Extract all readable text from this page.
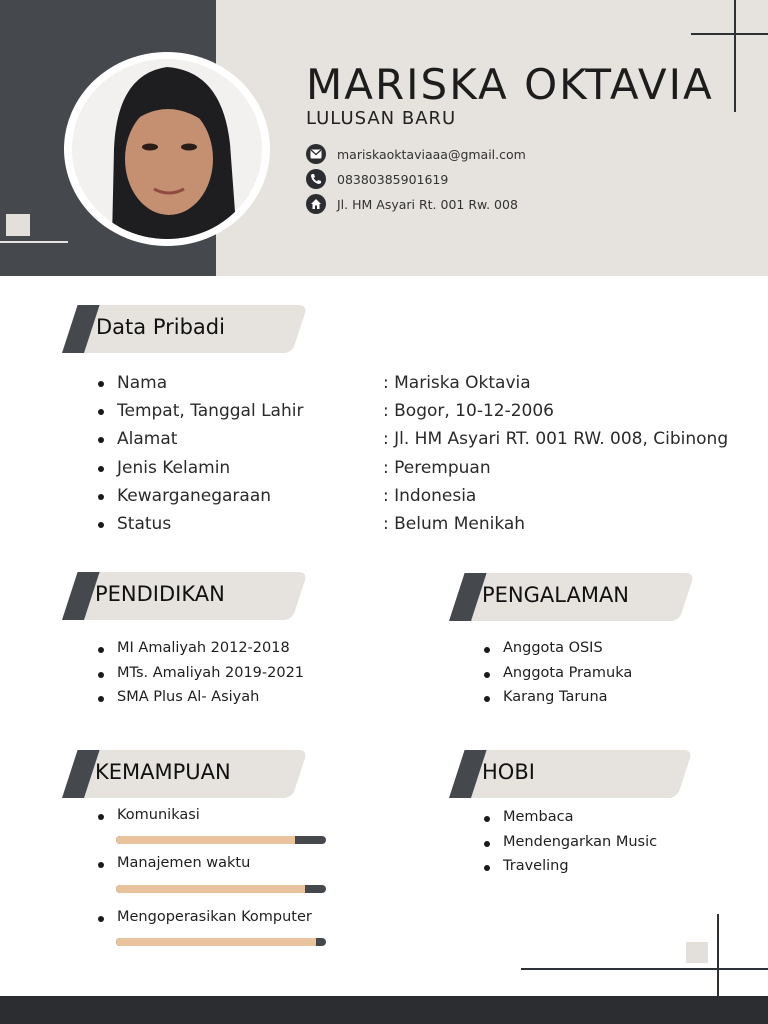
MARISKA OKTAVIA
LULUSAN BARU
mariskaoktaviaaa@gmail.com
08380385901619
Jl. HM Asyari Rt. 001 Rw. 008
Data Pribadi
Nama	: Mariska Oktavia
Tempat, Tanggal Lahir	: Bogor, 10-12-2006
Alamat	: Jl. HM Asyari RT. 001 RW. 008, Cibinong
Jenis Kelamin	: Perempuan
Kewarganegaraan	: Indonesia
Status	: Belum Menikah
PENDIDIKAN
MI Amaliyah 2012-2018
MTs. Amaliyah 2019-2021
SMA Plus Al- Asiyah
PENGALAMAN
Anggota OSIS
Anggota Pramuka
Karang Taruna
KEMAMPUAN
Komunikasi
Manajemen waktu
Mengoperasikan Komputer
HOBI
Membaca
Mendengarkan Music
Traveling
